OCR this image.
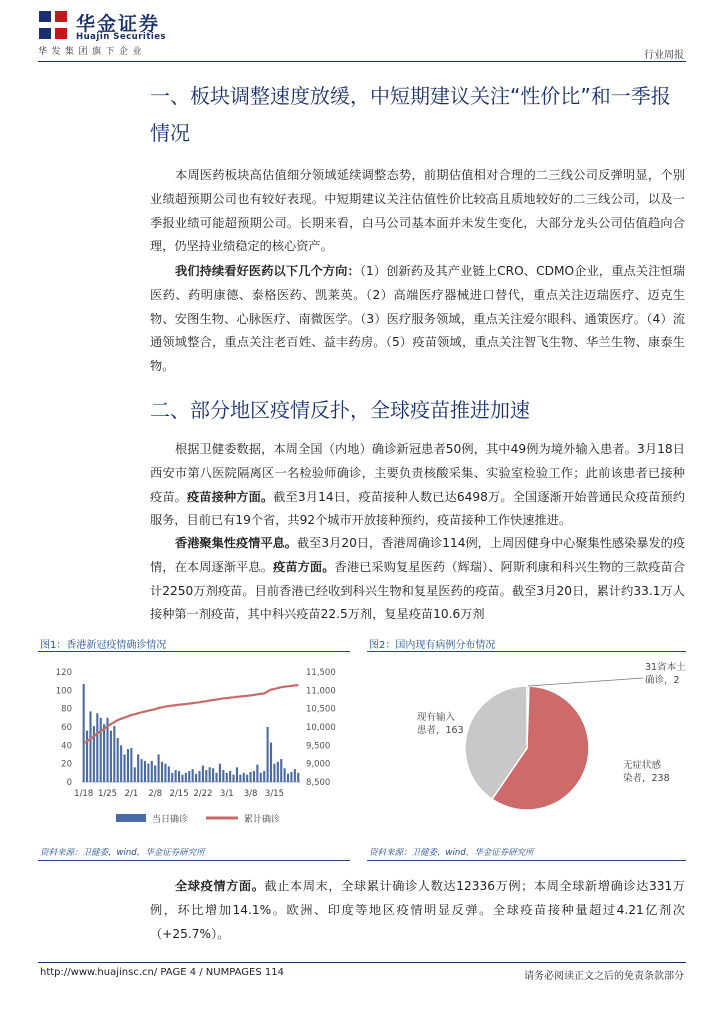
华金证券
Huajin Securities
华发集团旗下企业	行业周报
一、板块调整速度放缓，中短期建议关注“性价比”和一季报情况
本周医药板块高估值细分领域延续调整态势，前期估值相对合理的二三线公司反弹明显，个别业绩超预期公司也有较好表现。中短期建议关注估值性价比较高且质地较好的二三线公司，以及一季报业绩可能超预期公司。长期来看，白马公司基本面并未发生变化，大部分龙头公司估值趋向合理，仍坚持业绩稳定的核心资产。
我们持续看好医药以下几个方向：（1）创新药及其产业链上CRO、CDMO企业，重点关注恒瑞医药、药明康德、泰格医药、凯莱英。（2）高端医疗器械进口替代，重点关注迈瑞医疗、迈克生物、安图生物、心脉医疗、南微医学。（3）医疗服务领域，重点关注爱尔眼科、通策医疗。（4）流通领域整合，重点关注老百姓、益丰药房。（5）疫苗领域，重点关注智飞生物、华兰生物、康泰生物。
二、部分地区疫情反扑，全球疫苗推进加速
根据卫健委数据，本周全国（内地）确诊新冠患者50例，其中49例为境外输入患者。3月18日西安市第八医院隔离区一名检验师确诊，主要负责核酸采集、实验室检验工作；此前该患者已接种疫苗。疫苗接种方面。截至3月14日，疫苗接种人数已达6498万。全国逐渐开始普通民众疫苗预约服务，目前已有19个省，共92个城市开放接种预约，疫苗接种工作快速推进。
香港聚集性疫情平息。截至3月20日，香港周确诊114例，上周因健身中心聚集性感染暴发的疫情，在本周逐渐平息。疫苗方面。香港已采购复星医药（辉瑞）、阿斯利康和科兴生物的三款疫苗合计2250万剂疫苗。目前香港已经收到科兴生物和复星医药的疫苗。截至3月20日，累计约33.1万人接种第一剂疫苗，其中科兴疫苗22.5万剂，复星疫苗10.6万剂
图1：香港新冠疫情确诊情况
0
20
40
60
80
100
120
8,500
9,000
9,500
10,000
10,500
11,000
11,500
1/18 1/25 2/1 2/8 2/15 2/22 3/1 3/8 3/15
当日确诊	累计确诊
资料来源：卫健委，wind，华金证券研究所
图2：国内现有病例分布情况
31省本土
确诊，2
无症状感
染者，238
现有输入
患者，163
资料来源：卫健委，wind，华金证券研究所
全球疫情方面。截止本周末，全球累计确诊人数达12336万例；本周全球新增确诊达331万例，环比增加14.1%。欧洲、印度等地区疫情明显反弹。全球疫苗接种量超过4.21亿剂次（+25.7%）。
http://www.huajinsc.cn/ PAGE 4 / NUMPAGES 114	请务必阅读正文之后的免责条款部分
